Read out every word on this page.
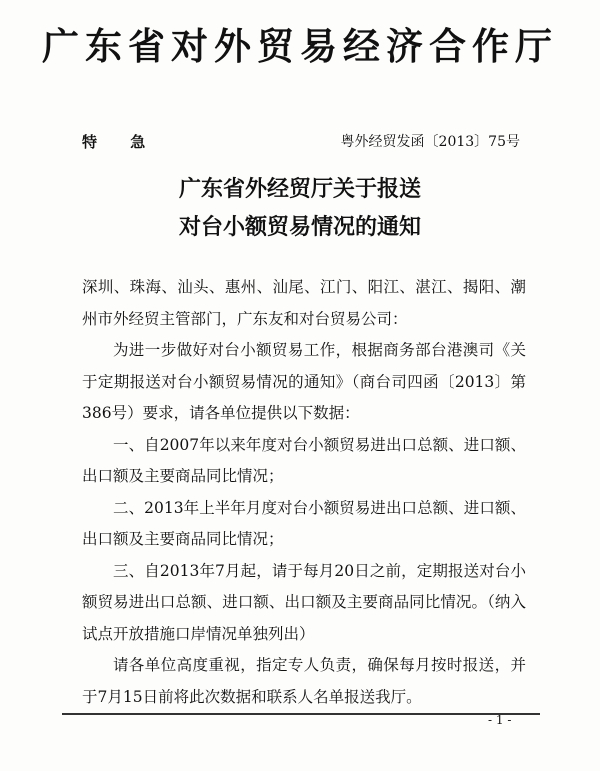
广东省对外贸易经济合作厅
特 急	粤外经贸发函〔2013〕75号
广东省外经贸厅关于报送
对台小额贸易情况的通知

深圳、珠海、汕头、惠州、汕尾、江门、阳江、湛江、揭阳、潮州市外经贸主管部门，广东友和对台贸易公司：

为进一步做好对台小额贸易工作，根据商务部台港澳司《关于定期报送对台小额贸易情况的通知》（商台司四函〔2013〕第386号）要求，请各单位提供以下数据：

一、自2007年以来年度对台小额贸易进出口总额、进口额、出口额及主要商品同比情况；

二、2013年上半年月度对台小额贸易进出口总额、进口额、出口额及主要商品同比情况；

三、自2013年7月起，请于每月20日之前，定期报送对台小额贸易进出口总额、进口额、出口额及主要商品同比情况。（纳入试点开放措施口岸情况单独列出）

请各单位高度重视，指定专人负责，确保每月按时报送，并于7月15日前将此次数据和联系人名单报送我厅。

- 1 -
